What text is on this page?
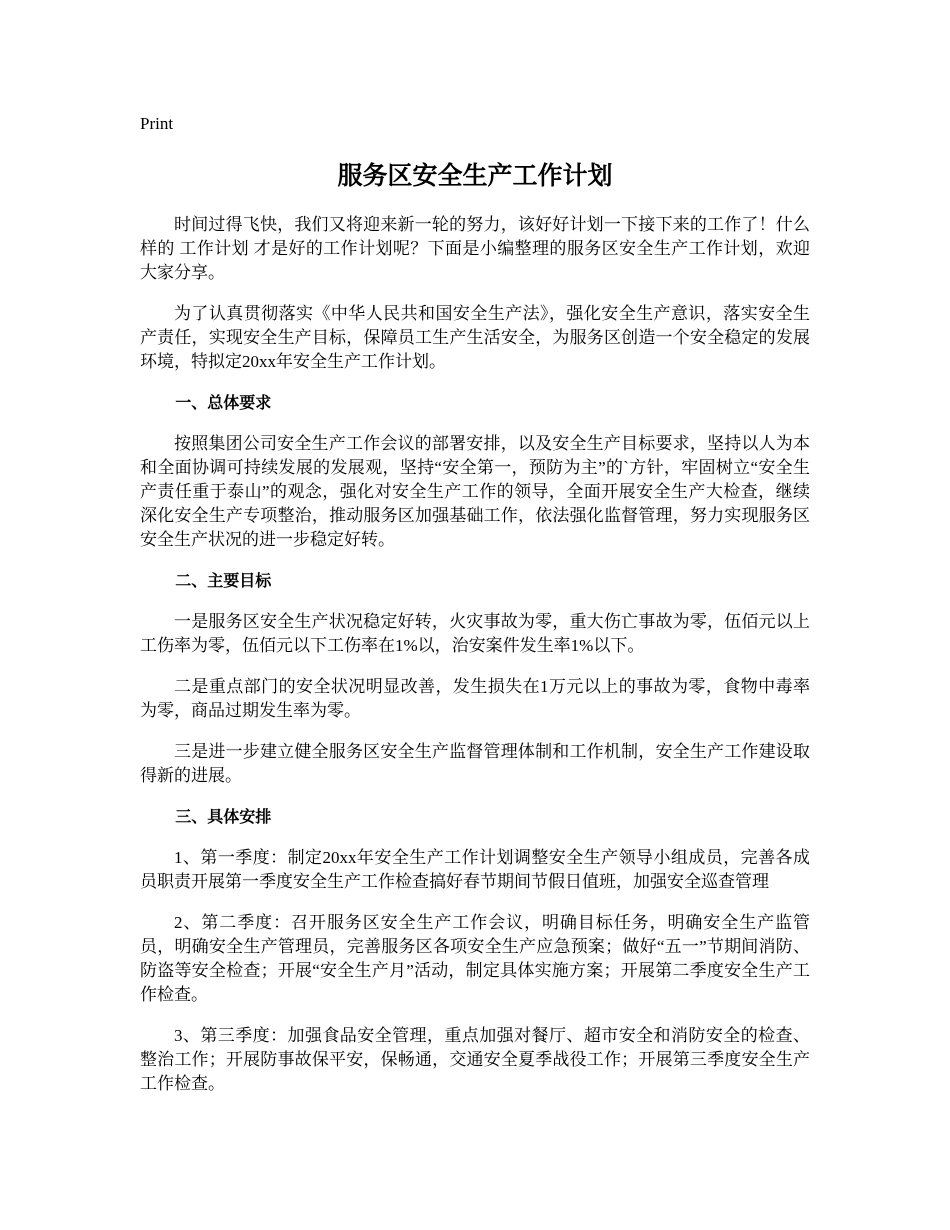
Print
服务区安全生产工作计划

时间过得飞快，我们又将迎来新一轮的努力，该好好计划一下接下来的工作了！什么样的 工作计划 才是好的工作计划呢？下面是小编整理的服务区安全生产工作计划，欢迎大家分享。

为了认真贯彻落实《中华人民共和国安全生产法》，强化安全生产意识，落实安全生产责任，实现安全生产目标，保障员工生产生活安全，为服务区创造一个安全稳定的发展环境，特拟定20xx年安全生产工作计划。

一、总体要求

按照集团公司安全生产工作会议的部署安排，以及安全生产目标要求，坚持以人为本和全面协调可持续发展的发展观，坚持“安全第一，预防为主”的`方针，牢固树立“安全生产责任重于泰山”的观念，强化对安全生产工作的领导，全面开展安全生产大检查，继续深化安全生产专项整治，推动服务区加强基础工作，依法强化监督管理，努力实现服务区安全生产状况的进一步稳定好转。

二、主要目标

一是服务区安全生产状况稳定好转，火灾事故为零，重大伤亡事故为零，伍佰元以上工伤率为零，伍佰元以下工伤率在1%以，治安案件发生率1%以下。

二是重点部门的安全状况明显改善，发生损失在1万元以上的事故为零，食物中毒率为零，商品过期发生率为零。

三是进一步建立健全服务区安全生产监督管理体制和工作机制，安全生产工作建设取得新的进展。

三、具体安排

1、第一季度：制定20xx年安全生产工作计划调整安全生产领导小组成员，完善各成员职责开展第一季度安全生产工作检查搞好春节期间节假日值班，加强安全巡查管理

2、第二季度：召开服务区安全生产工作会议，明确目标任务，明确安全生产监管员，明确安全生产管理员，完善服务区各项安全生产应急预案；做好“五一”节期间消防、防盗等安全检查；开展“安全生产月”活动，制定具体实施方案；开展第二季度安全生产工作检查。

3、第三季度：加强食品安全管理，重点加强对餐厅、超市安全和消防安全的检查、整治工作；开展防事故保平安，保畅通，交通安全夏季战役工作；开展第三季度安全生产工作检查。
